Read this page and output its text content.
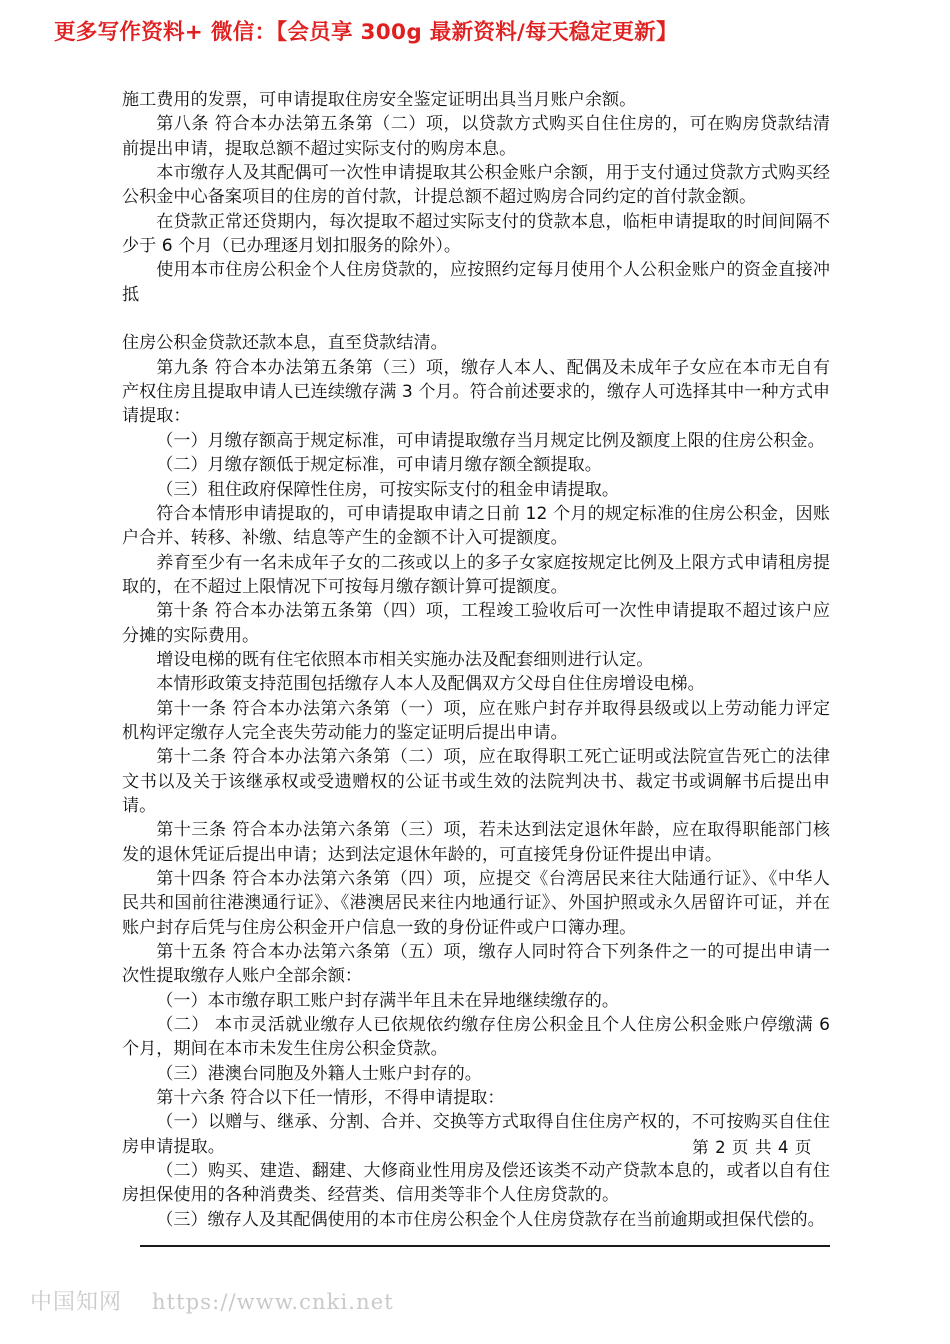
更多写作资料+ 微信：【会员享 300g 最新资料/每天稳定更新】

施工费用的发票，可申请提取住房安全鉴定证明出具当月账户余额。

第八条 符合本办法第五条第（二）项，以贷款方式购买自住住房的，可在购房贷款结清前提出申请，提取总额不超过实际支付的购房本息。

本市缴存人及其配偶可一次性申请提取其公积金账户余额，用于支付通过贷款方式购买经公积金中心备案项目的住房的首付款，计提总额不超过购房合同约定的首付款金额。

在贷款正常还贷期内，每次提取不超过实际支付的贷款本息，临柜申请提取的时间间隔不少于 6 个月（已办理逐月划扣服务的除外）。

使用本市住房公积金个人住房贷款的，应按照约定每月使用个人公积金账户的资金直接冲抵

住房公积金贷款还款本息，直至贷款结清。

第九条 符合本办法第五条第（三）项，缴存人本人、配偶及未成年子女应在本市无自有产权住房且提取申请人已连续缴存满 3 个月。符合前述要求的，缴存人可选择其中一种方式申请提取：

（一）月缴存额高于规定标准，可申请提取缴存当月规定比例及额度上限的住房公积金。

（二）月缴存额低于规定标准，可申请月缴存额全额提取。

（三）租住政府保障性住房，可按实际支付的租金申请提取。

符合本情形申请提取的，可申请提取申请之日前 12 个月的规定标准的住房公积金，因账户合并、转移、补缴、结息等产生的金额不计入可提额度。

养育至少有一名未成年子女的二孩或以上的多子女家庭按规定比例及上限方式申请租房提取的，在不超过上限情况下可按每月缴存额计算可提额度。

第十条 符合本办法第五条第（四）项，工程竣工验收后可一次性申请提取不超过该户应分摊的实际费用。

增设电梯的既有住宅依照本市相关实施办法及配套细则进行认定。

本情形政策支持范围包括缴存人本人及配偶双方父母自住住房增设电梯。

第十一条 符合本办法第六条第（一）项，应在账户封存并取得县级或以上劳动能力评定机构评定缴存人完全丧失劳动能力的鉴定证明后提出申请。

第十二条 符合本办法第六条第（二）项，应在取得职工死亡证明或法院宣告死亡的法律文书以及关于该继承权或受遗赠权的公证书或生效的法院判决书、裁定书或调解书后提出申请。

第十三条 符合本办法第六条第（三）项，若未达到法定退休年龄，应在取得职能部门核发的退休凭证后提出申请；达到法定退休年龄的，可直接凭身份证件提出申请。

第十四条 符合本办法第六条第（四）项，应提交《台湾居民来往大陆通行证》、《中华人民共和国前往港澳通行证》、《港澳居民来往内地通行证》、外国护照或永久居留许可证，并在账户封存后凭与住房公积金开户信息一致的身份证件或户口簿办理。

第十五条 符合本办法第六条第（五）项，缴存人同时符合下列条件之一的可提出申请一次性提取缴存人账户全部余额：

（一）本市缴存职工账户封存满半年且未在异地继续缴存的。

（二） 本市灵活就业缴存人已依规依约缴存住房公积金且个人住房公积金账户停缴满 6 个月，期间在本市未发生住房公积金贷款。

（三）港澳台同胞及外籍人士账户封存的。

第十六条 符合以下任一情形，不得申请提取：

（一）以赠与、继承、分割、合并、交换等方式取得自住住房产权的，不可按购买自住住房申请提取。

（二）购买、建造、翻建、大修商业性用房及偿还该类不动产贷款本息的，或者以自有住房担保使用的各种消费类、经营类、信用类等非个人住房贷款的。

（三）缴存人及其配偶使用的本市住房公积金个人住房贷款存在当前逾期或担保代偿的。

第 2 页 共 4 页
中国知网 https://www.cnki.net
